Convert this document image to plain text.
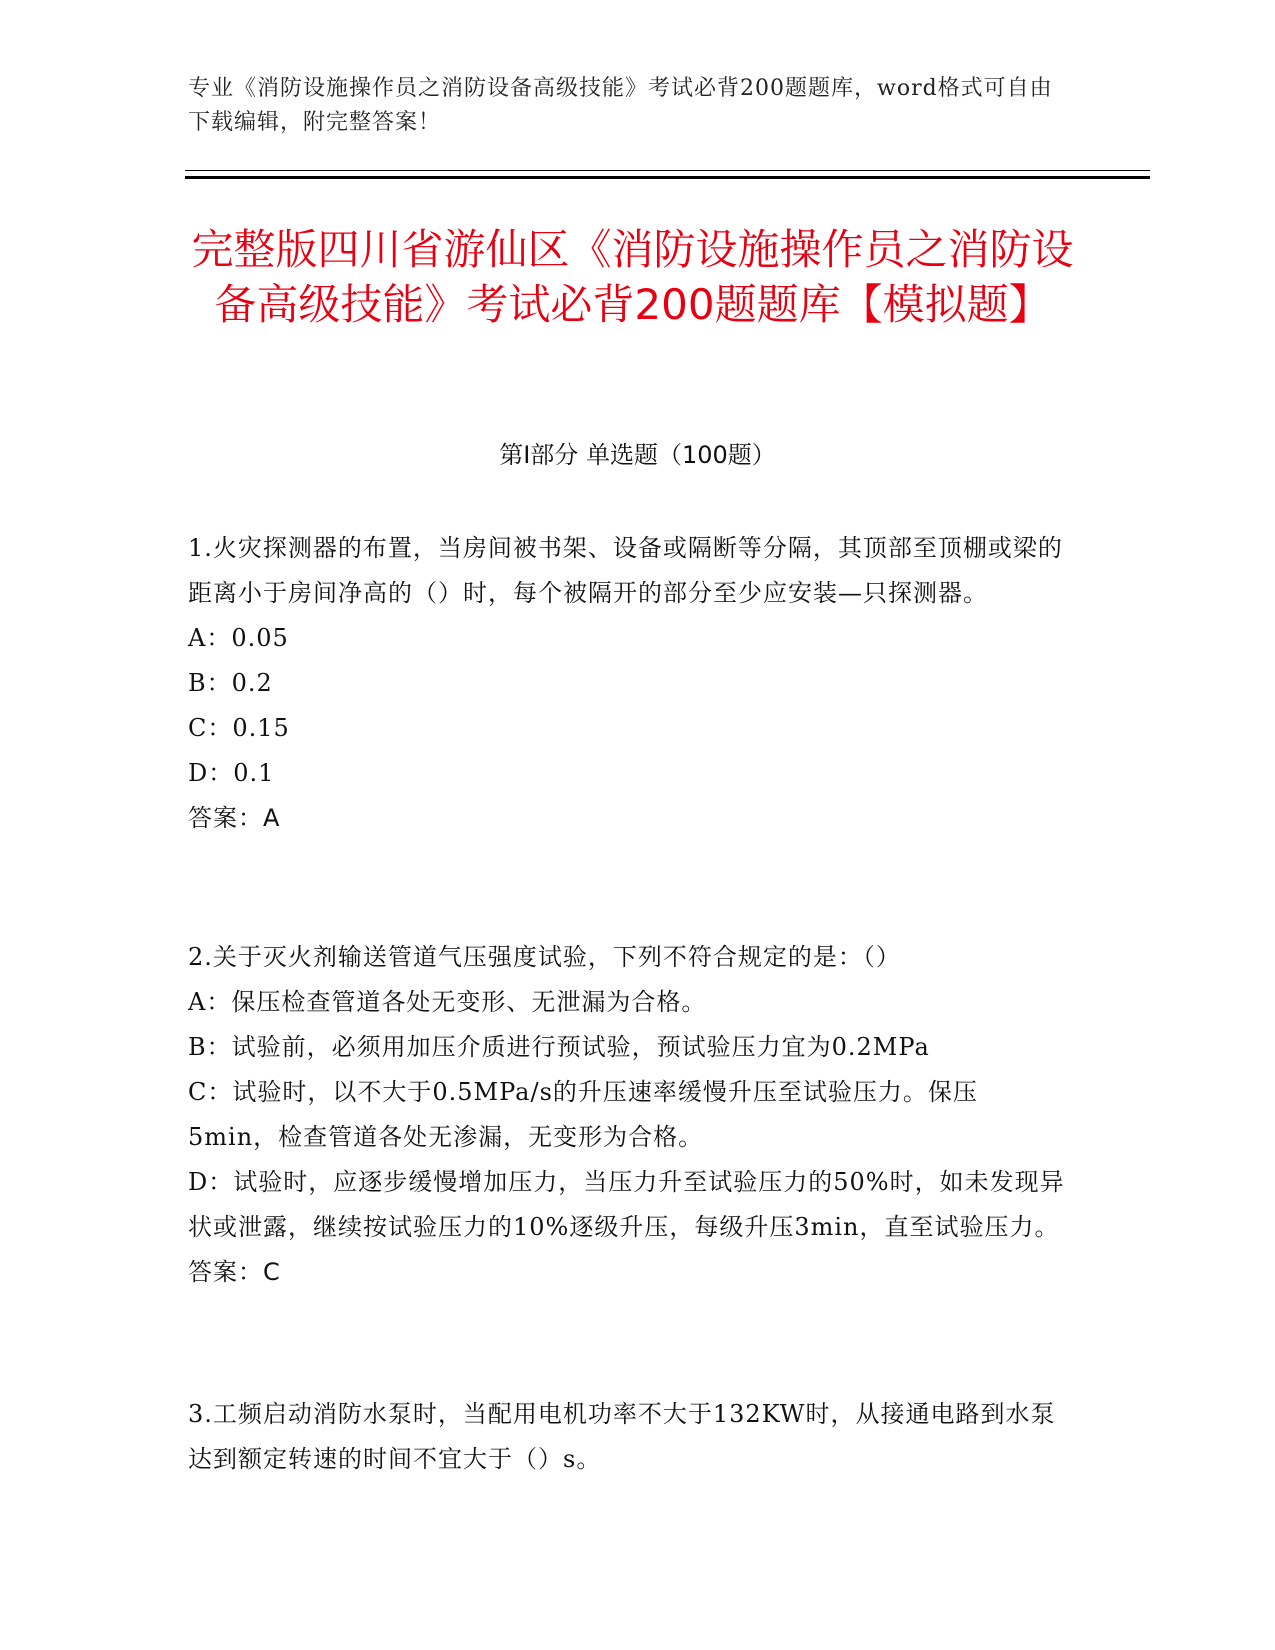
专业《消防设施操作员之消防设备高级技能》考试必背200题题库，word格式可自由下载编辑，附完整答案！
完整版四川省游仙区《消防设施操作员之消防设备高级技能》考试必背200题题库【模拟题】
第I部分 单选题（100题）
1.火灾探测器的布置，当房间被书架、设备或隔断等分隔，其顶部至顶棚或梁的距离小于房间净高的（）时，每个被隔开的部分至少应安装—只探测器。
A：0.05
B：0.2
C：0.15
D：0.1
答案：A
2.关于灭火剂输送管道气压强度试验，下列不符合规定的是：（）
A：保压检查管道各处无变形、无泄漏为合格。
B：试验前，必须用加压介质进行预试验，预试验压力宜为0.2MPa
C：试验时，以不大于0.5MPa/s的升压速率缓慢升压至试验压力。保压5min，检查管道各处无渗漏，无变形为合格。
D：试验时，应逐步缓慢增加压力，当压力升至试验压力的50%时，如未发现异状或泄露，继续按试验压力的10%逐级升压，每级升压3min，直至试验压力。
答案：C
3.工频启动消防水泵时，当配用电机功率不大于132KW时，从接通电路到水泵达到额定转速的时间不宜大于（）s。
